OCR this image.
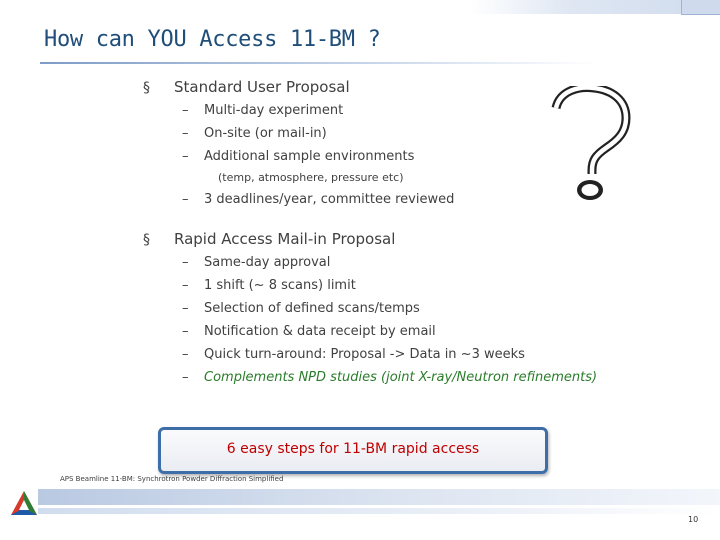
How can YOU Access 11-BM ?
§ Standard User Proposal
– Multi-day experiment
– On-site (or mail-in)
– Additional sample environments
(temp, atmosphere, pressure etc)
– 3 deadlines/year, committee reviewed
§ Rapid Access Mail-in Proposal
– Same-day approval
– 1 shift (~ 8 scans) limit
– Selection of defined scans/temps
– Notification & data receipt by email
– Quick turn-around: Proposal -> Data in ~3 weeks
– Complements NPD studies (joint X-ray/Neutron refinements)
6 easy steps for 11-BM rapid access
APS Beamline 11-BM: Synchrotron Powder Diffraction Simplified
10
